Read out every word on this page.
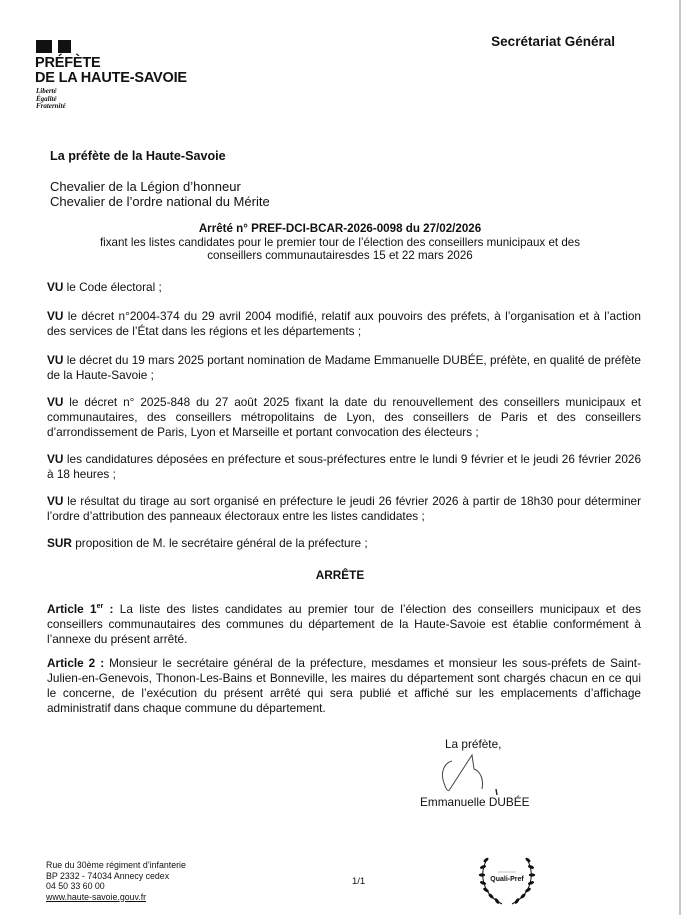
PRÉFÈTE
DE LA HAUTE-SAVOIE
Liberté
Égalité
Fraternité
Secrétariat Général
La préfète de la Haute-Savoie
Chevalier de la Légion d’honneur
Chevalier de l’ordre national du Mérite
Arrêté n° PREF-DCI-BCAR-2026-0098 du 27/02/2026
fixant les listes candidates pour le premier tour de l’élection des conseillers municipaux et des
conseillers communautairesdes 15 et 22 mars 2026
VU le Code électoral ;
VU le décret n°2004-374 du 29 avril 2004 modifié, relatif aux pouvoirs des préfets, à l’organisation et à l’action des services de l’État dans les régions et les départements ;
VU le décret du 19 mars 2025 portant nomination de Madame Emmanuelle DUBÉE, préfète, en qualité de préfète de la Haute-Savoie ;
VU le décret n° 2025-848 du 27 août 2025 fixant la date du renouvellement des conseillers municipaux et communautaires, des conseillers métropolitains de Lyon, des conseillers de Paris et des conseillers d’arrondissement de Paris, Lyon et Marseille et portant convocation des électeurs ;
VU les candidatures déposées en préfecture et sous-préfectures entre le lundi 9 février et le jeudi 26 février 2026 à 18 heures ;
VU le résultat du tirage au sort organisé en préfecture le jeudi 26 février 2026 à partir de 18h30 pour déterminer l’ordre d’attribution des panneaux électoraux entre les listes candidates ;
SUR proposition de M. le secrétaire général de la préfecture ;
ARRÊTE
Article 1er : La liste des listes candidates au premier tour de l’élection des conseillers municipaux et des conseillers communautaires des communes du département de la Haute-Savoie est établie conformément à l’annexe du présent arrêté.
Article 2 : Monsieur le secrétaire général de la préfecture, mesdames et monsieur les sous-préfets de Saint-Julien-en-Genevois, Thonon-Les-Bains et Bonneville, les maires du département sont chargés chacun en ce qui le concerne, de l’exécution du présent arrêté qui sera publié et affiché sur les emplacements d’affichage administratif dans chaque commune du département.
La préfète,
Emmanuelle DUBÉE
Rue du 30ème régiment d’infanterie
BP 2332 - 74034 Annecy cedex
04 50 33 60 00
www.haute-savoie.gouv.fr
1/1	Quali-Pref
